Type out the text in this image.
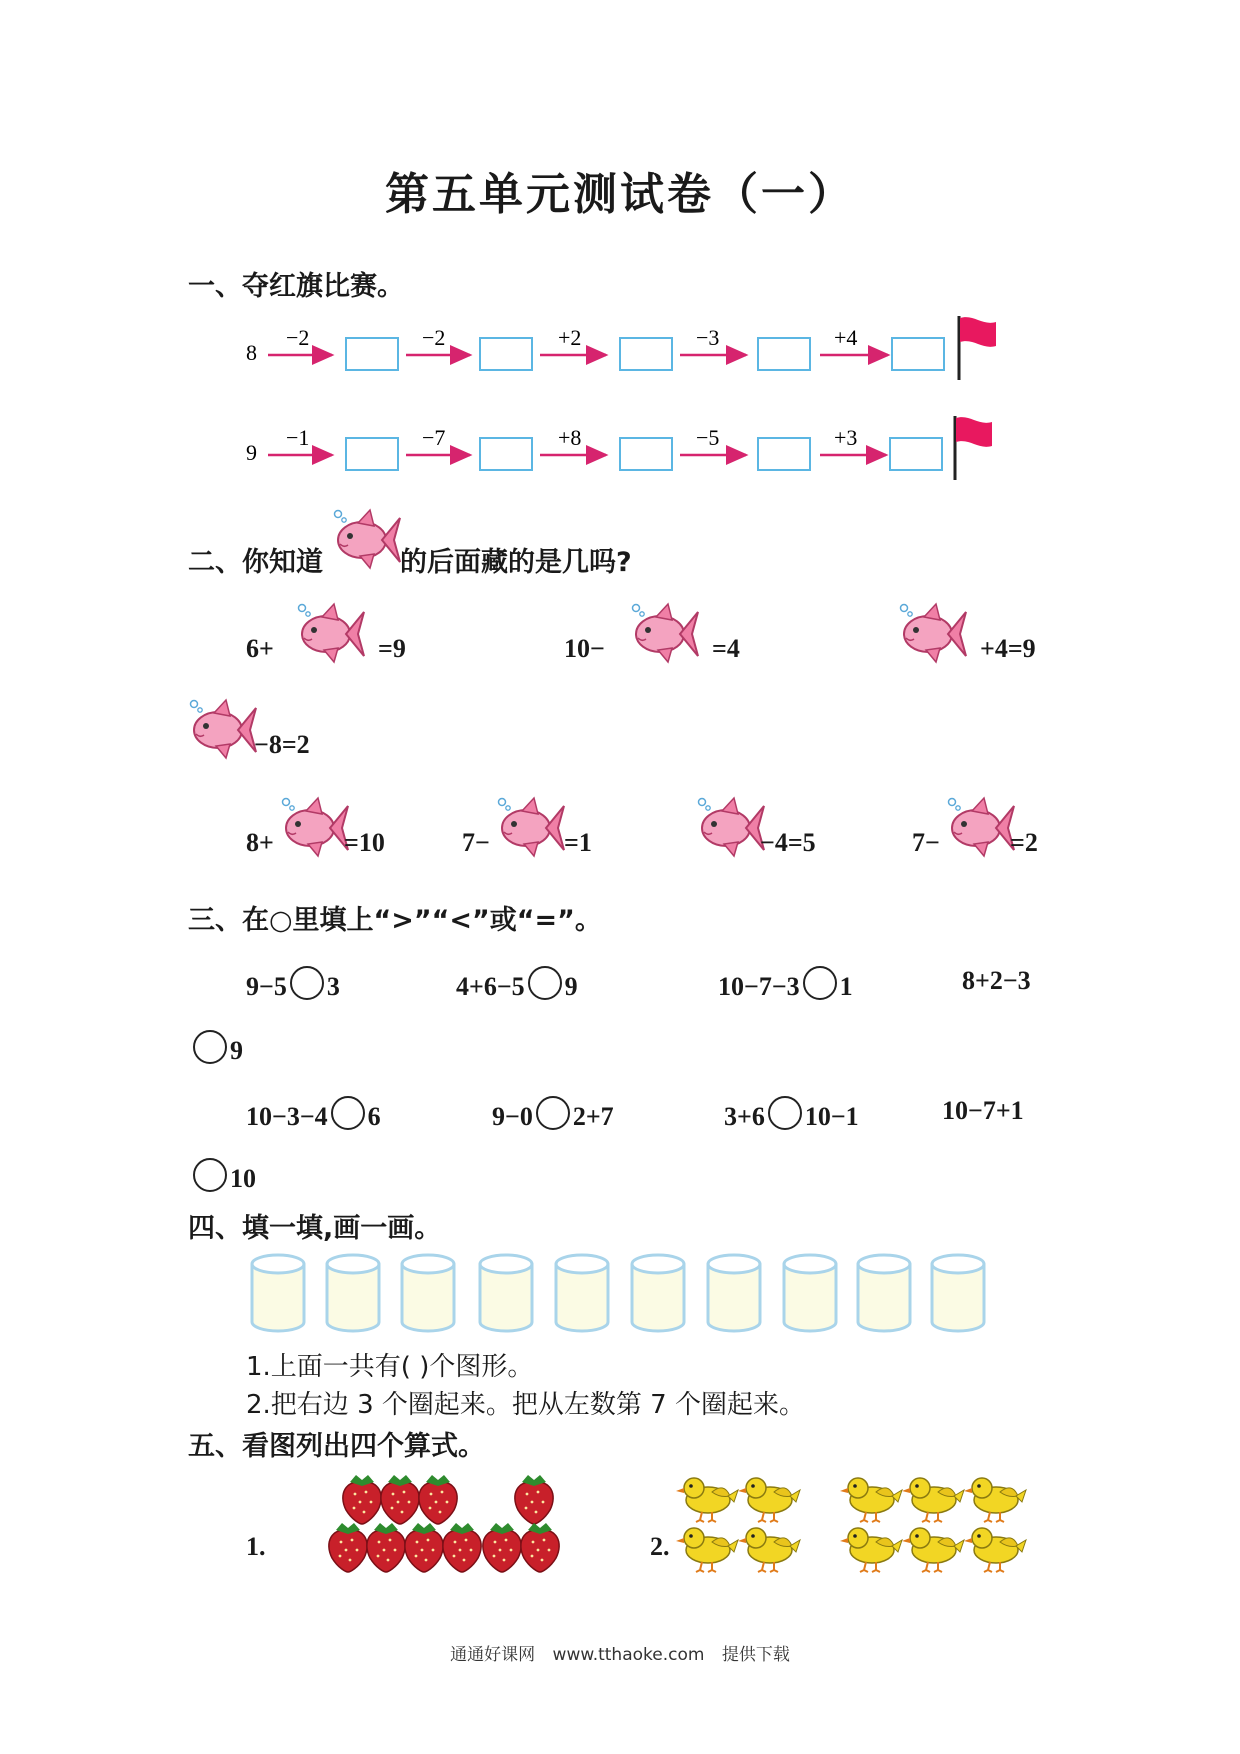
第五单元测试卷（一）
一、夺红旗比赛。
8
−2	−2	+2	−3	+4
9
−1	−7	+8	−5	+3
二、你知道	的后面藏的是几吗?
6+	=9	10−	=4	+4=9
−8=2
8+	=10	7−	=1	−4=5	7−	=2
三、在○里填上“>”“<”或“=”。
9−5 3	4+6−5 9	10−7−3 1	8+2−3
9
10−3−4 6	9−0 2+7	3+6 10−1	10−7+1
10
四、填一填,画一画。
1.上面一共有( )个图形。
2.把右边 3 个圈起来。把从左数第 7 个圈起来。
五、看图列出四个算式。
1.	2.
通通好课网 www.tthaoke.com 提供下载
